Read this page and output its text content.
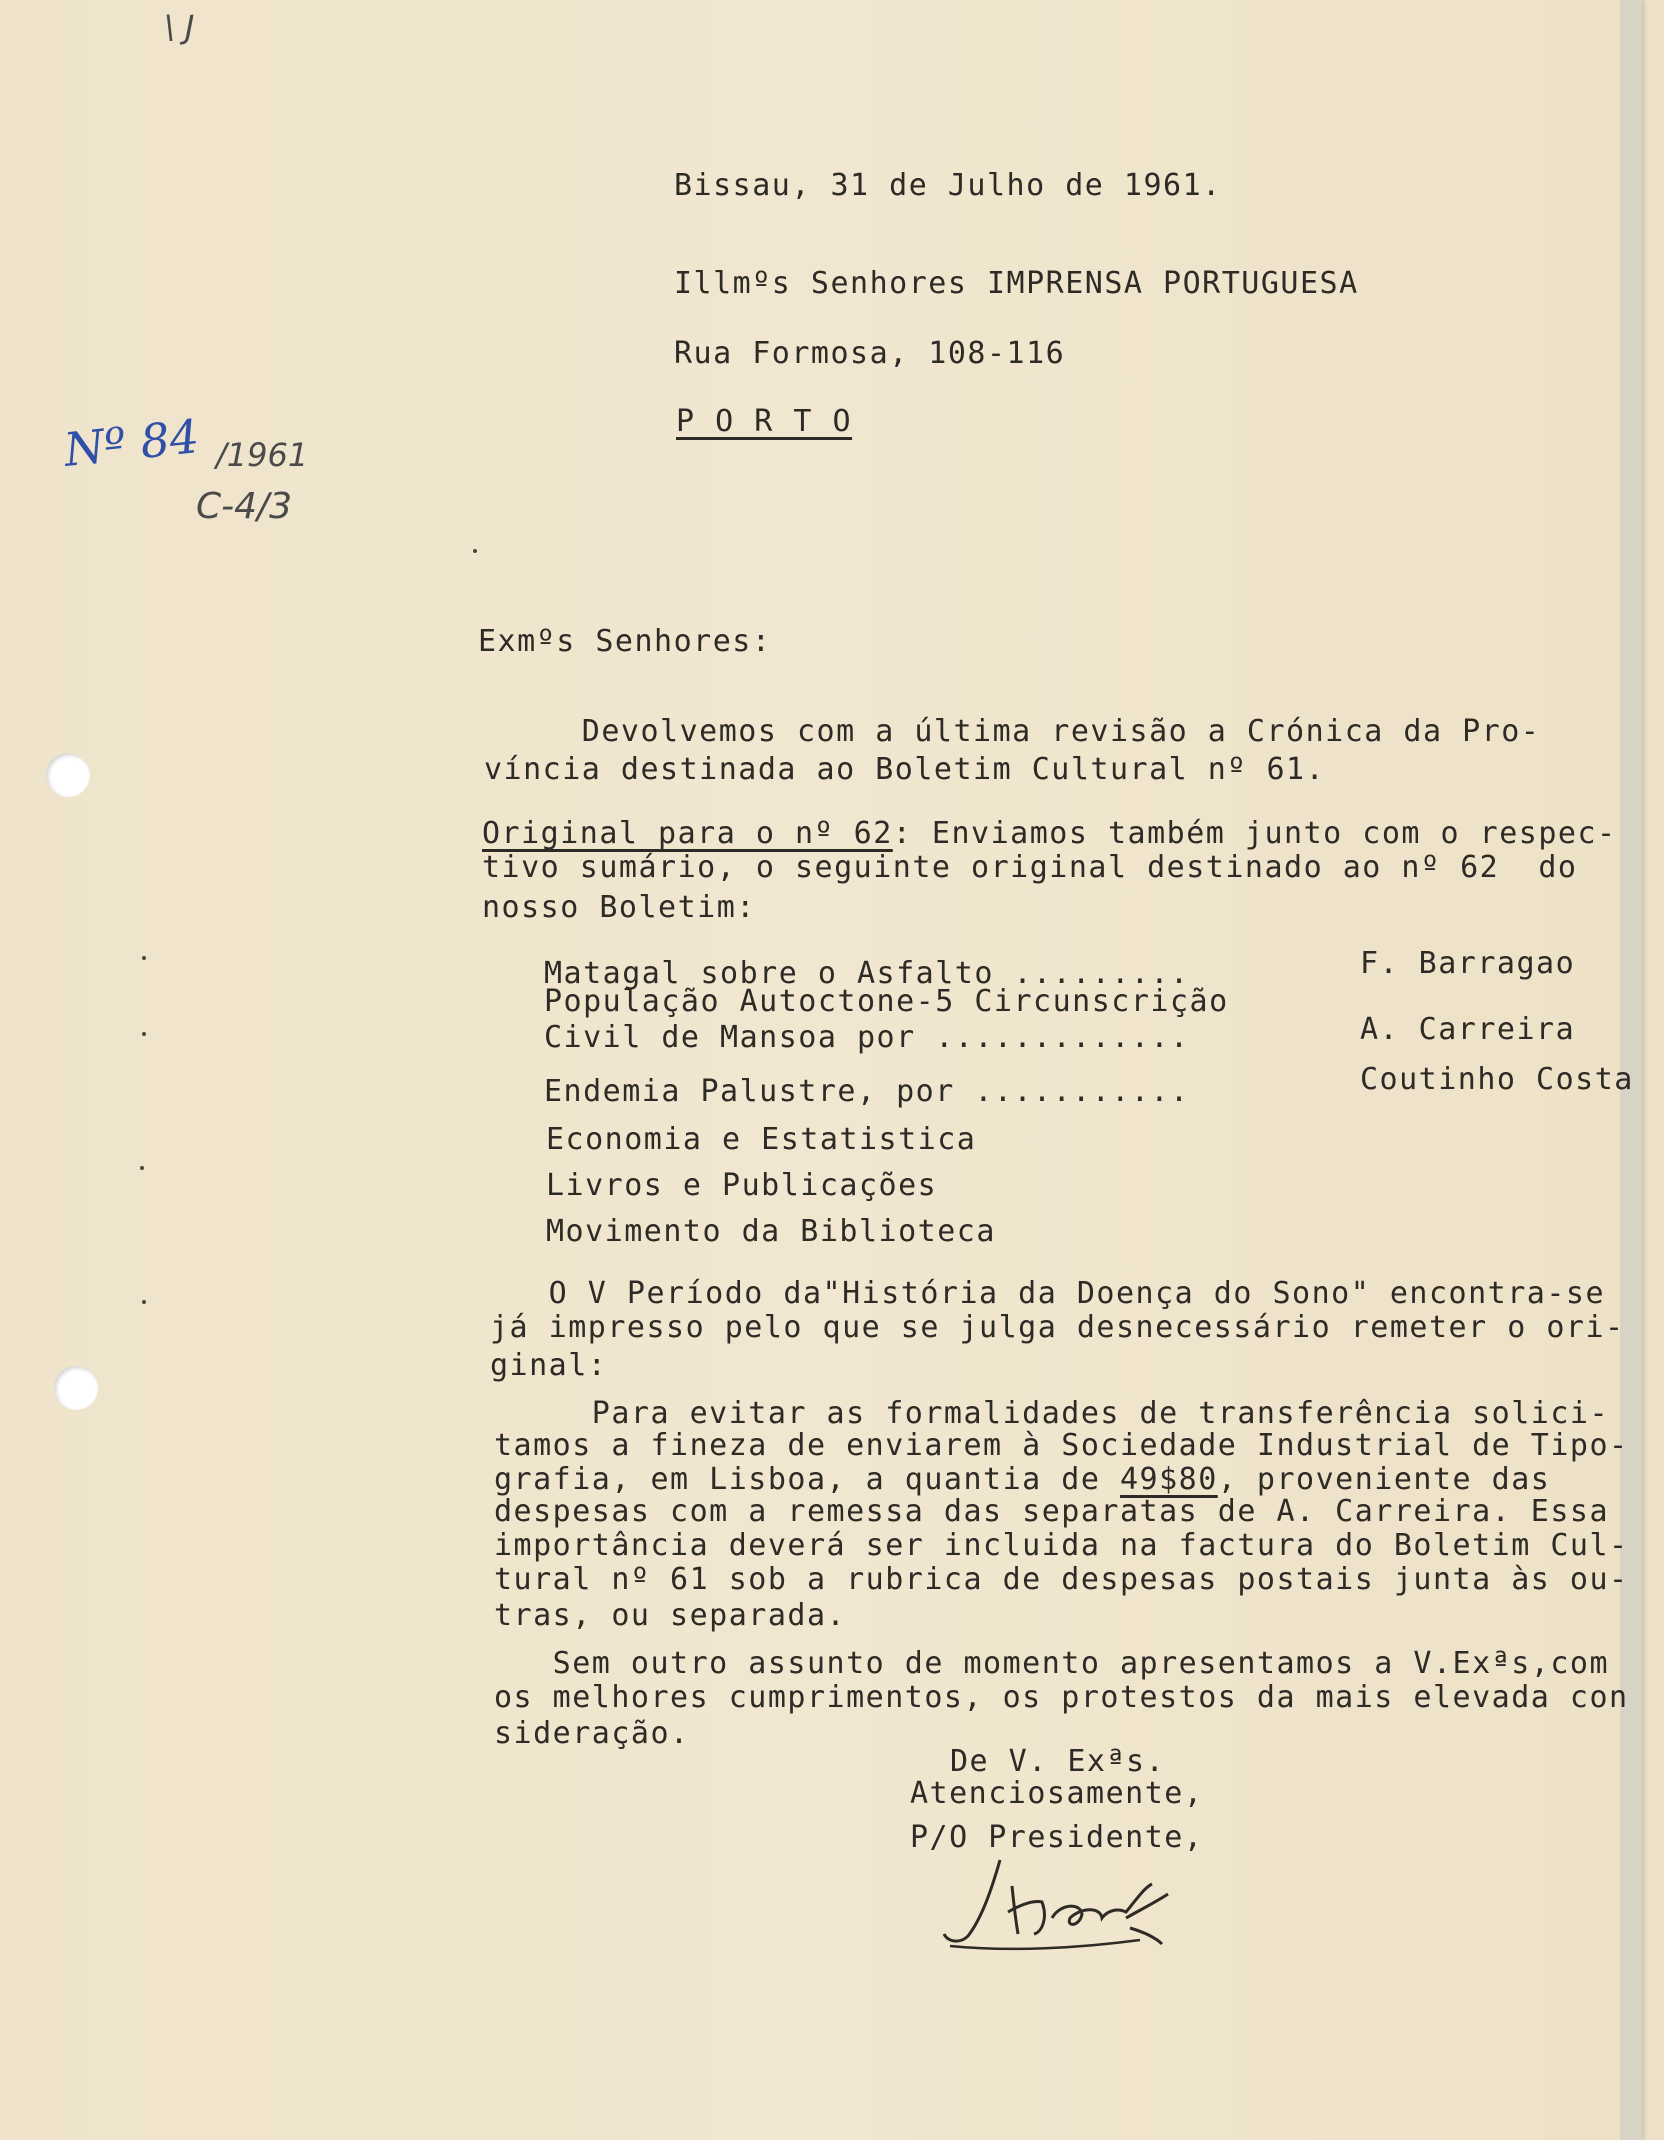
\ J
Nº 84 /1961
C-4/3
Bissau, 31 de Julho de 1961.
Illmºs Senhores IMPRENSA PORTUGUESA
Rua Formosa, 108-116
P O R T O
Exmºs Senhores:
Devolvemos com a última revisão a Crónica da Pro-
víncia destinada ao Boletim Cultural nº 61.
Original para o nº 62: Enviamos também junto com o respec-
tivo sumário, o seguinte original destinado ao nº 62  do
nosso Boletim:
Matagal sobre o Asfalto .........	F. Barragao
População Autoctone-5 Circunscrição
Civil de Mansoa por .............	A. Carreira
Endemia Palustre, por ...........	Coutinho Costa
Economia e Estatistica
Livros e Publicações
Movimento da Biblioteca
O V Período da"História da Doença do Sono" encontra-se
já impresso pelo que se julga desnecessário remeter o ori-
ginal:
Para evitar as formalidades de transferência solici-
tamos a fineza de enviarem à Sociedade Industrial de Tipo-
grafia, em Lisboa, a quantia de 49$80, proveniente das
despesas com a remessa das separatas de A. Carreira. Essa
importância deverá ser incluida na factura do Boletim Cul-
tural nº 61 sob a rubrica de despesas postais junta às ou-
tras, ou separada.
Sem outro assunto de momento apresentamos a V.Exªs,com
os melhores cumprimentos, os protestos da mais elevada con
sideração.
De V. Exªs.
Atenciosamente,
P/O Presidente,
